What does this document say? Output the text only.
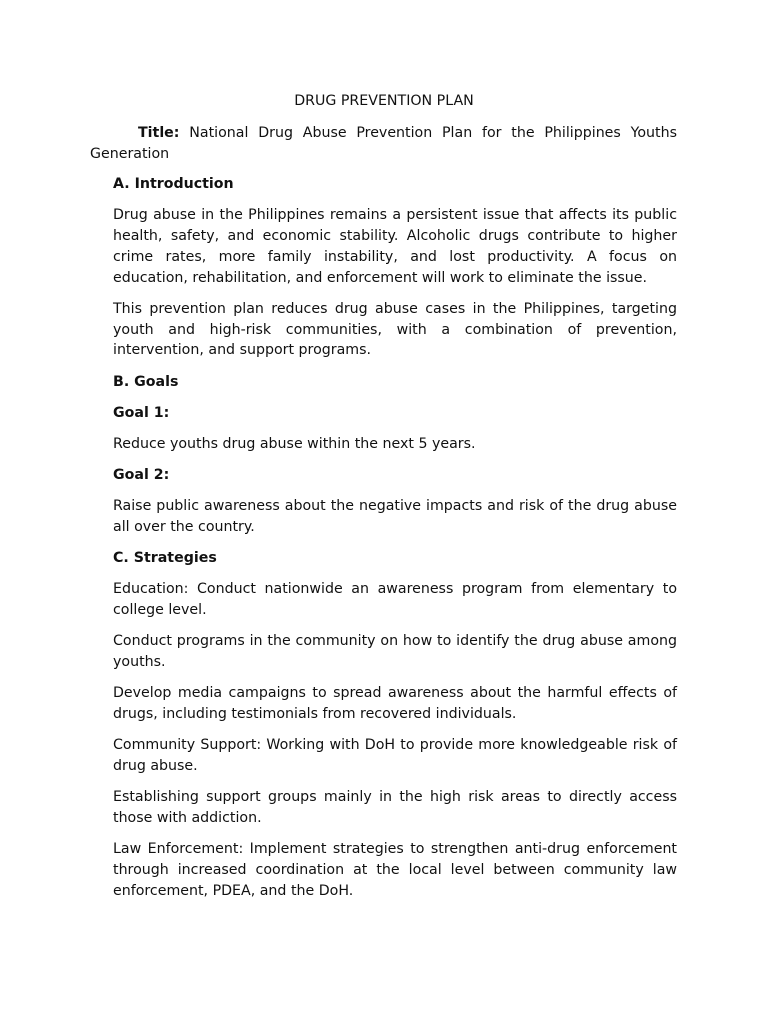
DRUG PREVENTION PLAN

Title: National Drug Abuse Prevention Plan for the Philippines Youths Generation

A. Introduction

Drug abuse in the Philippines remains a persistent issue that affects its public health, safety, and economic stability. Alcoholic drugs contribute to higher crime rates, more family instability, and lost productivity. A focus on education, rehabilitation, and enforcement will work to eliminate the issue.

This prevention plan reduces drug abuse cases in the Philippines, targeting youth and high-risk communities, with a combination of prevention, intervention, and support programs.

B. Goals
Goal 1:

Reduce youths drug abuse within the next 5 years.

Goal 2:

Raise public awareness about the negative impacts and risk of the drug abuse all over the country.

C. Strategies

Education: Conduct nationwide an awareness program from elementary to college level.

Conduct programs in the community on how to identify the drug abuse among youths.

Develop media campaigns to spread awareness about the harmful effects of drugs, including testimonials from recovered individuals.

Community Support: Working with DoH to provide more knowledgeable risk of drug abuse.

Establishing support groups mainly in the high risk areas to directly access those with addiction.

Law Enforcement: Implement strategies to strengthen anti-drug enforcement through increased coordination at the local level between community law enforcement, PDEA, and the DoH.
